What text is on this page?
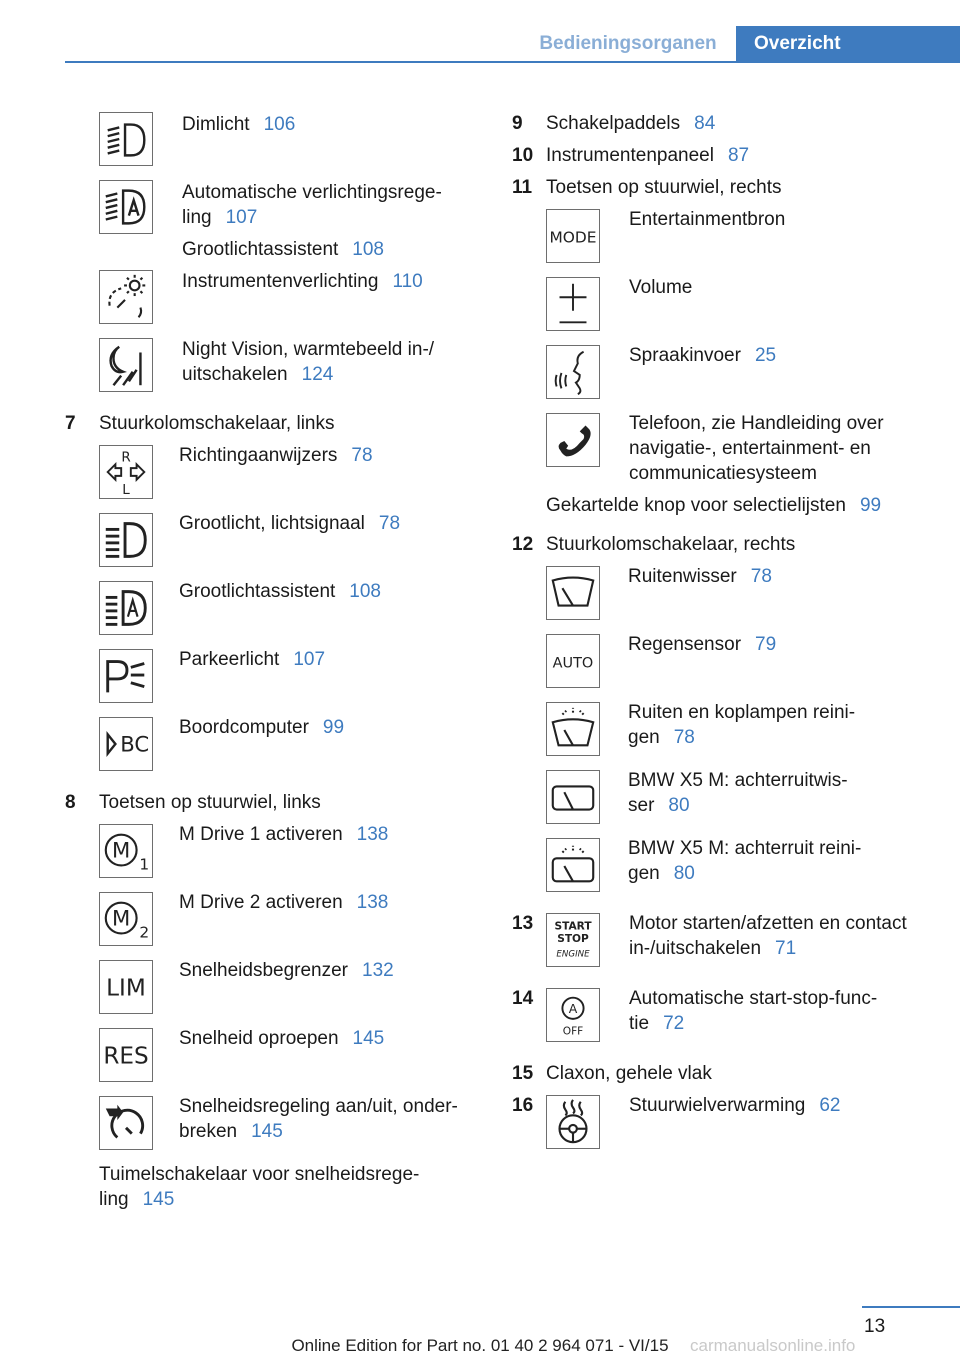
Bedieningsorganen	Overzicht
Dimlicht 106
Automatische verlichtingsrege-
ling 107
Grootlichtassistent 108
Instrumentenverlichting 110
Night Vision, warmtebeeld in-/
uitschakelen 124
7 Stuurkolomschakelaar, links
R
L
Richtingaanwijzers 78
Grootlicht, lichtsignaal 78
Grootlichtassistent 108
Parkeerlicht 107
BC
Boordcomputer 99
8 Toetsen op stuurwiel, links
M
1
M Drive 1 activeren 138
M
2
M Drive 2 activeren 138
LIM
Snelheidsbegrenzer 132
RES
Snelheid oproepen 145
Snelheidsregeling aan/uit, onder-
breken 145
Tuimelschakelaar voor snelheidsrege-
ling 145
9 Schakelpaddels 84
10 Instrumentenpaneel 87
11 Toetsen op stuurwiel, rechts
MODE
Entertainmentbron
Volume
Spraakinvoer 25
Telefoon, zie Handleiding over
navigatie-, entertainment- en
communicatiesysteem
Gekartelde knop voor selectielijsten 99
12 Stuurkolomschakelaar, rechts
Ruitenwisser 78
AUTO
Regensensor 79
Ruiten en koplampen reini-
gen 78
BMW X5 M: achterruitwis-
ser 80
BMW X5 M: achterruit reini-
gen 80
13 START
STOP
ENGINE
Motor starten/afzetten en contact
in-/uitschakelen 71
14	A
OFF
Automatische start-stop-func-
tie 72
15 Claxon, gehele vlak
16	Stuurwielverwarming 62
13
carmanualsonline.info
Online Edition for Part no. 01 40 2 964 071 - VI/15
